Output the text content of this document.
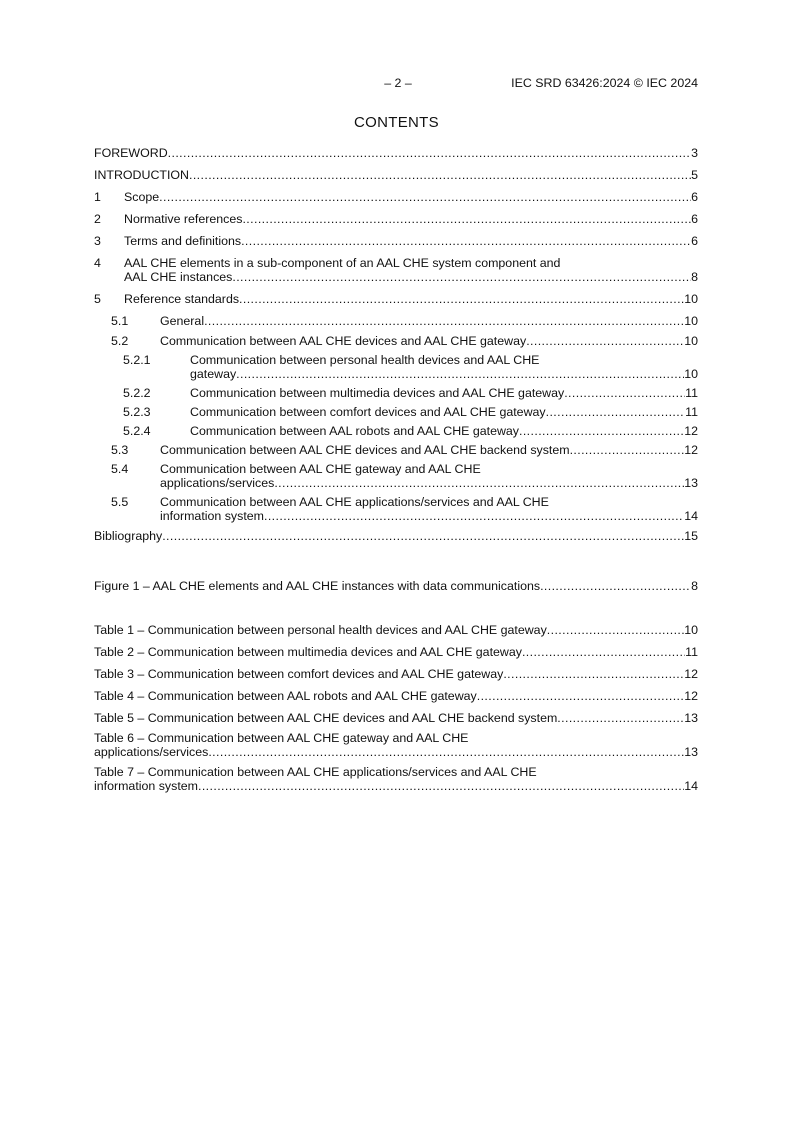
– 2 –	IEC SRD 63426:2024 © IEC 2024
CONTENTS
FOREWORD .....	3
INTRODUCTION .....	5
1	Scope .....	6
2	Normative references .....	6
3	Terms and definitions .....	6
4	AAL CHE elements in a sub-component of an AAL CHE system component and
AAL CHE instances .....	8
5	Reference standards .....	10
5.1	General .....	10
5.2	Communication between AAL CHE devices and AAL CHE gateway .....	10
5.2.1	Communication between personal health devices and AAL CHE
gateway .....	10
5.2.2	Communication between multimedia devices and AAL CHE gateway .....	11
5.2.3	Communication between comfort devices and AAL CHE gateway .....	11
5.2.4	Communication between AAL robots and AAL CHE gateway .....	12
5.3	Communication between AAL CHE devices and AAL CHE backend system .....	12
5.4	Communication between AAL CHE gateway and AAL CHE
applications/services .....	13
5.5	Communication between AAL CHE applications/services and AAL CHE
information system .....	14
Bibliography .....	15
Figure 1 – AAL CHE elements and AAL CHE instances with data communications .....	8
Table 1 – Communication between personal health devices and AAL CHE gateway .....	10
Table 2 – Communication between multimedia devices and AAL CHE gateway .....	11
Table 3 – Communication between comfort devices and AAL CHE gateway .....	12
Table 4 – Communication between AAL robots and AAL CHE gateway .....	12
Table 5 – Communication between AAL CHE devices and AAL CHE backend system .....	13
Table 6 – Communication between AAL CHE gateway and AAL CHE
applications/services .....	13
Table 7 – Communication between AAL CHE applications/services and AAL CHE
information system .....	14
